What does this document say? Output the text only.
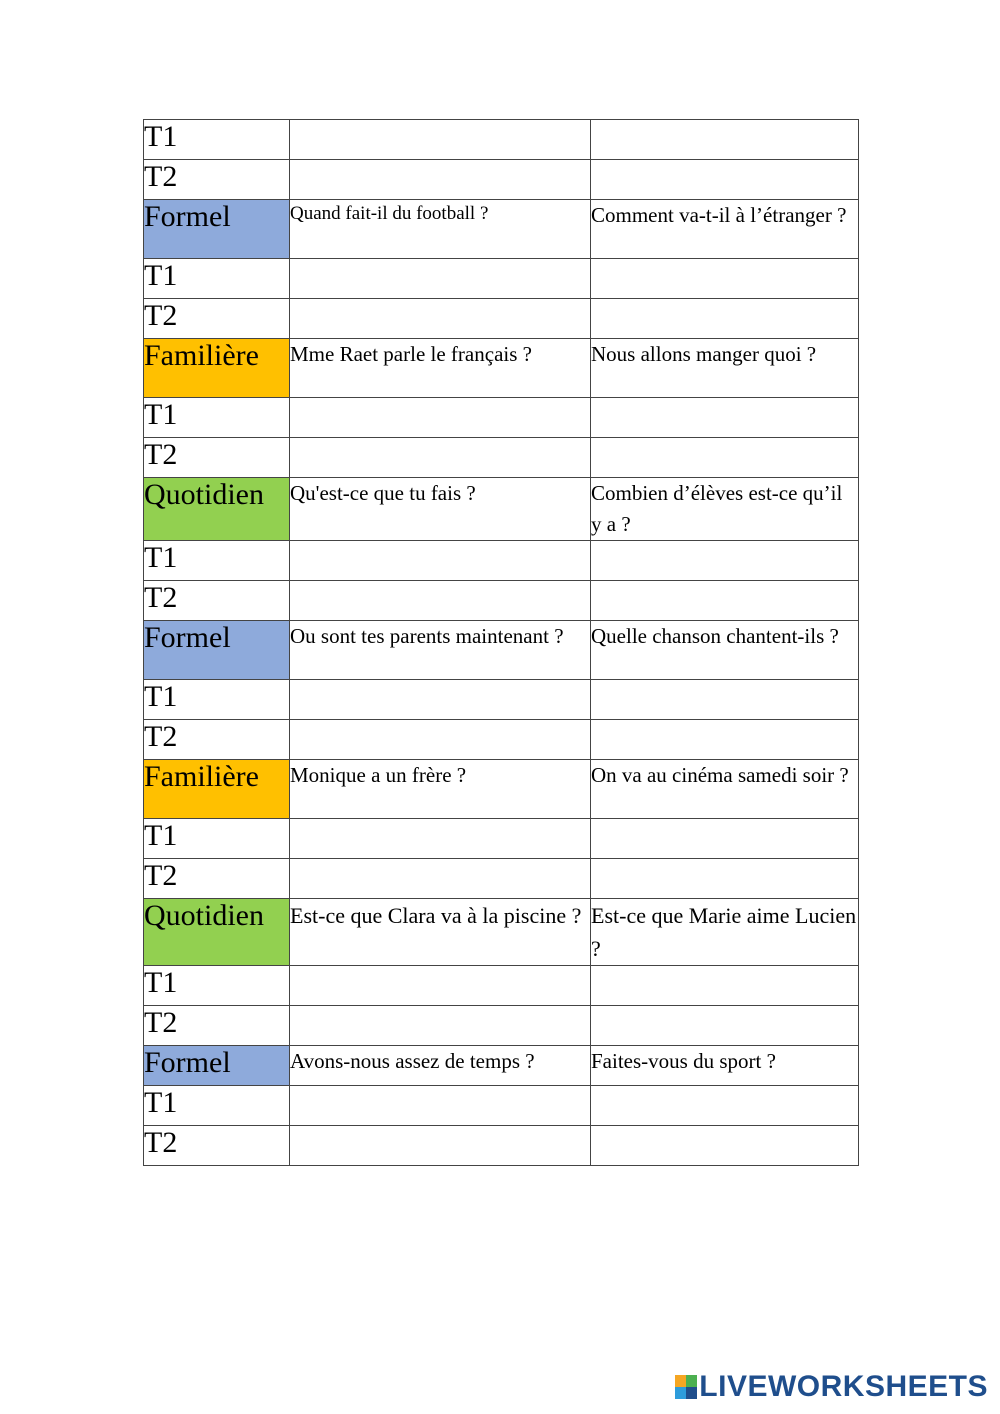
T1		
T2		
Formel	Quand fait-il du football ?	Comment va-t-il à l’étranger ?
T1		
T2		
Familière	Mme Raet parle le français ?	Nous allons manger quoi ?
T1		
T2		
Quotidien	Qu'est-ce que tu fais ?	Combien d’élèves est-ce qu’il y a ?
T1		
T2		
Formel	Ou sont tes parents maintenant ?	Quelle chanson chantent-ils ?
T1		
T2		
Familière	Monique a un frère ?	On va au cinéma samedi soir ?
T1		
T2		
Quotidien	Est-ce que Clara va à la piscine ?	Est-ce que Marie aime Lucien ?
T1		
T2		
Formel	Avons-nous assez de temps ?	Faites-vous du sport ?
T1		
T2		
LIVEWORKSHEETS
